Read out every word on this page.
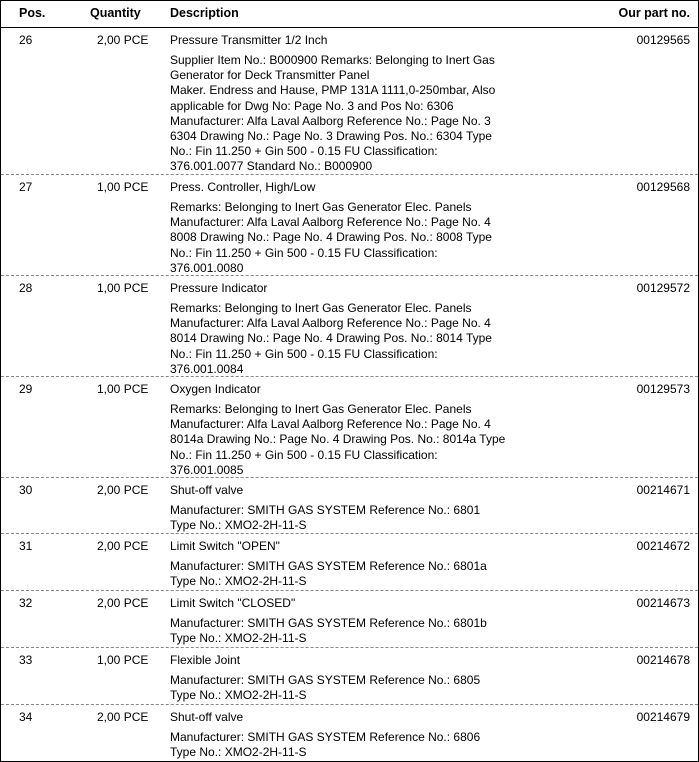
Pos.	Quantity Description	Our part no.
26	2,00 PCE Pressure Transmitter 1/2 Inch	00129565
Supplier Item No.: B000900 Remarks: Belonging to Inert Gas
Generator for Deck Transmitter Panel
Maker. Endress and Hause, PMP 131A 1111,0-250mbar, Also
applicable for Dwg No: Page No. 3 and Pos No: 6306
Manufacturer: Alfa Laval Aalborg Reference No.: Page No. 3
6304 Drawing No.: Page No. 3 Drawing Pos. No.: 6304 Type
No.: Fin 11.250 + Gin 500 - 0.15 FU Classification:
376.001.0077 Standard No.: B000900
27	1,00 PCE Press. Controller, High/Low	00129568
Remarks: Belonging to Inert Gas Generator Elec. Panels
Manufacturer: Alfa Laval Aalborg Reference No.: Page No. 4
8008 Drawing No.: Page No. 4 Drawing Pos. No.: 8008 Type
No.: Fin 11.250 + Gin 500 - 0.15 FU Classification:
376.001.0080
28	1,00 PCE Pressure Indicator	00129572
Remarks: Belonging to Inert Gas Generator Elec. Panels
Manufacturer: Alfa Laval Aalborg Reference No.: Page No. 4
8014 Drawing No.: Page No. 4 Drawing Pos. No.: 8014 Type
No.: Fin 11.250 + Gin 500 - 0.15 FU Classification:
376.001.0084
29	1,00 PCE Oxygen Indicator	00129573
Remarks: Belonging to Inert Gas Generator Elec. Panels
Manufacturer: Alfa Laval Aalborg Reference No.: Page No. 4
8014a Drawing No.: Page No. 4 Drawing Pos. No.: 8014a Type
No.: Fin 11.250 + Gin 500 - 0.15 FU Classification:
376.001.0085
30	2,00 PCE Shut-off valve	00214671
Manufacturer: SMITH GAS SYSTEM Reference No.: 6801
Type No.: XMO2-2H-11-S
31	2,00 PCE Limit Switch "OPEN"	00214672
Manufacturer: SMITH GAS SYSTEM Reference No.: 6801a
Type No.: XMO2-2H-11-S
32	2,00 PCE Limit Switch "CLOSED"	00214673
Manufacturer: SMITH GAS SYSTEM Reference No.: 6801b
Type No.: XMO2-2H-11-S
33	1,00 PCE Flexible Joint	00214678
Manufacturer: SMITH GAS SYSTEM Reference No.: 6805
Type No.: XMO2-2H-11-S
34	2,00 PCE Shut-off valve	00214679
Manufacturer: SMITH GAS SYSTEM Reference No.: 6806
Type No.: XMO2-2H-11-S
